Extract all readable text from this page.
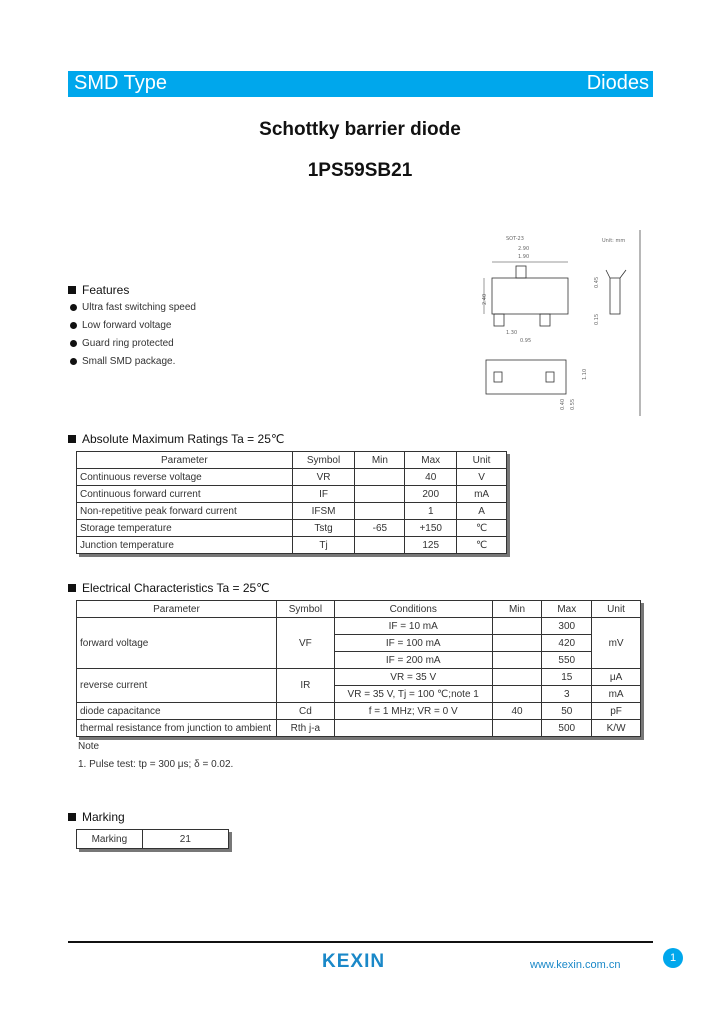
SMD Type	Diodes
Schottky barrier diode
1PS59SB21
Features
Ultra fast switching speed
Low forward voltage
Guard ring protected
Small SMD package.
SOT-23	Unit: mm
2.90
1.90
2.40
1.30
0.95
0.45
0.15
1.10
0.40 0.55
Absolute Maximum Ratings Ta = 25℃
Parameter	Symbol	Min	Max	Unit
Continuous reverse voltage	VR		40	V
Continuous forward current	IF		200	mA
Non-repetitive peak forward current	IFSM		1	A
Storage temperature	Tstg	-65	+150	℃
Junction temperature	Tj		125	℃
Electrical Characteristics Ta = 25℃
Parameter	Symbol	Conditions	Min	Max	Unit
forward voltage	VF	IF = 10 mA		300	mV
		IF = 100 mA		420	
		IF = 200 mA		550	
reverse current	IR	VR = 35 V		15	μA
		VR = 35 V, Tj = 100 ℃;note 1		3	mA
diode capacitance	Cd	f = 1 MHz; VR = 0 V	40	50	pF
thermal resistance from junction to ambient	Rth j-a			500	K/W
Note
1. Pulse test: tp = 300 μs; δ = 0.02.
Marking
Marking	21
KEXIN	www.kexin.com.cn
1
